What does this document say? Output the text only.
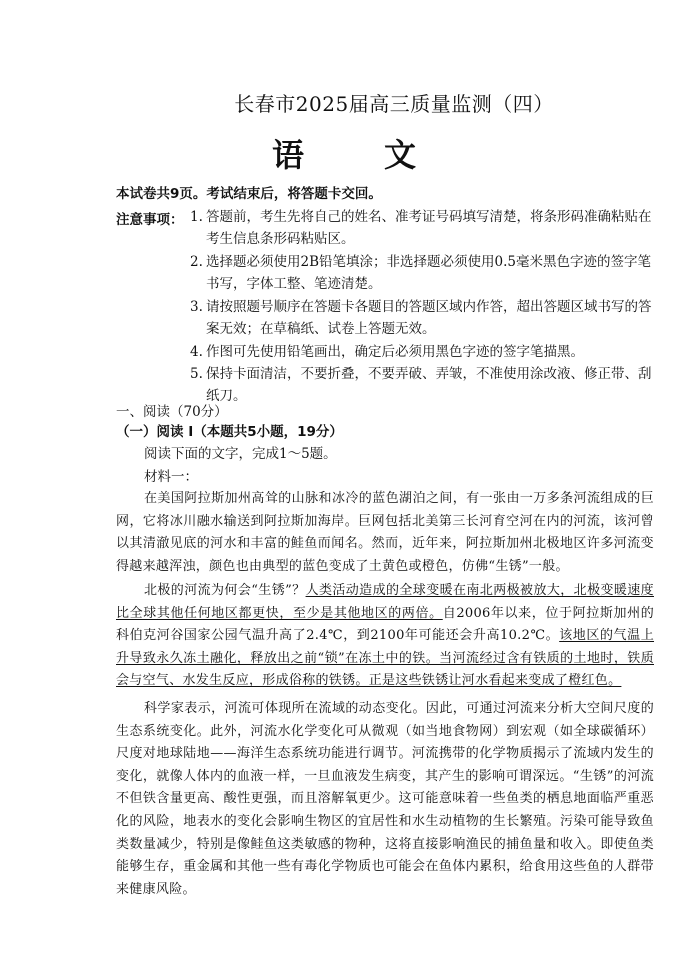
长春市2025届高三质量监测（四）
语　文
本试卷共9页。考试结束后，将答题卡交回。
注意事项： 1. 答题前，考生先将自己的姓名、准考证号码填写清楚，将条形码准确粘贴在考生信息条形码粘贴区。
2. 选择题必须使用2B铅笔填涂；非选择题必须使用0.5毫米黑色字迹的签字笔书写，字体工整、笔迹清楚。
3. 请按照题号顺序在答题卡各题目的答题区域内作答，超出答题区域书写的答案无效；在草稿纸、试卷上答题无效。
4. 作图可先使用铅笔画出，确定后必须用黑色字迹的签字笔描黑。
5. 保持卡面清洁，不要折叠，不要弄破、弄皱，不准使用涂改液、修正带、刮纸刀。
一、阅读（70分）
（一）阅读 I（本题共5小题，19分）
阅读下面的文字，完成1～5题。
材料一：
在美国阿拉斯加州高耸的山脉和冰冷的蓝色湖泊之间，有一张由一万多条河流组成的巨网，它将冰川融水输送到阿拉斯加海岸。巨网包括北美第三长河育空河在内的河流，该河曾以其清澈见底的河水和丰富的鲑鱼而闻名。然而，近年来，阿拉斯加州北极地区许多河流变得越来越浑浊，颜色也由典型的蓝色变成了土黄色或橙色，仿佛“生锈”一般。
北极的河流为何会“生锈”？人类活动造成的全球变暖在南北两极被放大，北极变暖速度比全球其他任何地区都更快，至少是其他地区的两倍。自2006年以来，位于阿拉斯加州的科伯克河谷国家公园气温升高了2.4℃，到2100年可能还会升高10.2℃。该地区的气温上升导致永久冻土融化，释放出之前“锁”在冻土中的铁。当河流经过含有铁质的土地时，铁质会与空气、水发生反应，形成俗称的铁锈。正是这些铁锈让河水看起来变成了橙红色。
科学家表示，河流可体现所在流域的动态变化。因此，可通过河流来分析大空间尺度的生态系统变化。此外，河流水化学变化可从微观（如当地食物网）到宏观（如全球碳循环）尺度对地球陆地——海洋生态系统功能进行调节。河流携带的化学物质揭示了流域内发生的变化，就像人体内的血液一样，一旦血液发生病变，其产生的影响可谓深远。“生锈”的河流不但铁含量更高、酸性更强，而且溶解氧更少。这可能意味着一些鱼类的栖息地面临严重恶化的风险，地表水的变化会影响生物区的宜居性和水生动植物的生长繁殖。污染可能导致鱼类数量减少，特别是像鲑鱼这类敏感的物种，这将直接影响渔民的捕鱼量和收入。即使鱼类能够生存，重金属和其他一些有毒化学物质也可能会在鱼体内累积，给食用这些鱼的人群带来健康风险。
